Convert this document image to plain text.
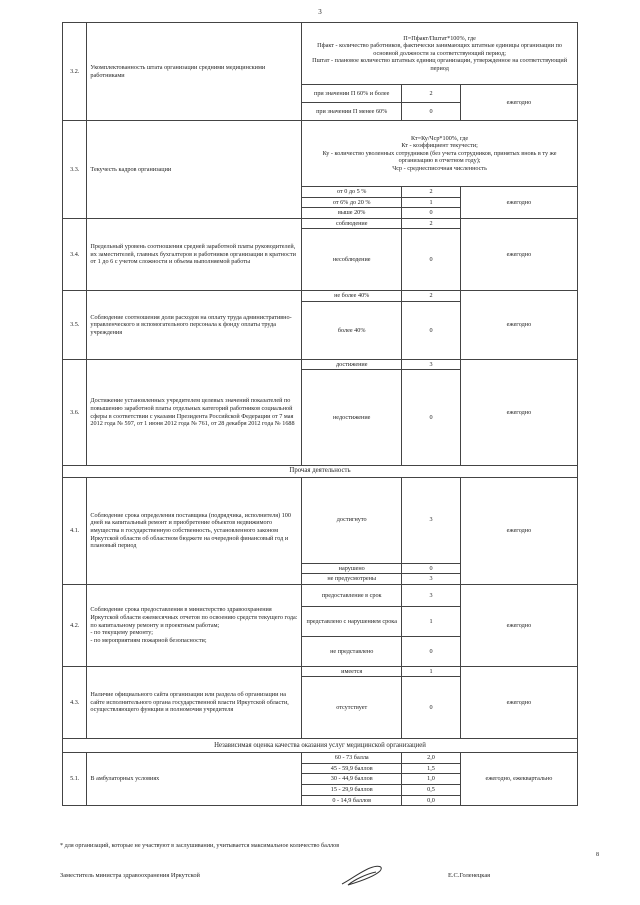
3
3.2.	Укомплектованность штата организации средними медицинскими работниками	П=Пфакт/Пштат*100%, где
Пфакт - количество работников, фактически занимающих штатные единицы организации по основной должности за соответствующий период;
Пштат - плановое количество штатных единиц организации, утвержденное на соответствующий период		

		при значении П 60% и более	2	ежегодно
		при значении П менее 60%	0	
3.3.	Текучесть кадров организации	Кт=Ку/Чср*100%, где
Кт - коэффициент текучести;
Ку - количество уволенных сотрудников (без учета сотрудников, принятых вновь в ту же организацию в отчетном году);
Чср - среднесписочная численность		

		от 0 до 5 %	2	ежегодно
		от 6% до 20 %	1	
		выше 20%	0	
3.4.	Предельный уровень соотношения средней заработной платы руководителей, их заместителей, главных бухгалтеров и работников организации в кратности от 1 до 6 с учетом сложности и объема выполняемой работы	соблюдение	2	ежегодно
		несоблюдение	0	
3.5.	Соблюдение соотношения доли расходов на оплату труда административно-управленческого и вспомогательного персонала к фонду оплаты труда учреждения	не более 40%	2	ежегодно
		более 40%	0	
3.6.	Достижение установленных учредителем целевых значений показателей по повышению заработной платы отдельных категорий работников социальной сферы в соответствии с указами Президента Российской Федерации от 7 мая 2012 года № 597, от 1 июня 2012 года № 761, от 28 декабря 2012 года № 1688	достижение	3	ежегодно
		недостижение	0	
Прочая деятельность				
4.1.	Соблюдение срока определения поставщика (подрядчика, исполнителя) 100 дней на капитальный ремонт и приобретение объектов недвижимого имущества в государственную собственность, установленного законом Иркутской области об областном бюджете на очередной финансовый год и плановый период	достигнуто	3	ежегодно
		нарушено	0	
		не предусмотрены	3	
4.2.	Соблюдение срока предоставления в министерство здравоохранения Иркутской области ежемесячных отчетов по освоению средств текущего года: по капитальному ремонту и проектным работам;
- по текущему ремонту;
- по мероприятиям пожарной безопасности;	предоставление в срок	3	ежегодно
		представлено с нарушением срока	1	
		не представлено	0	
4.3.	Наличие официального сайта организации или раздела об организации на сайте исполнительного органа государственной власти Иркутской области, осуществляющего функции и полномочия учредителя	имеется	1	ежегодно
		отсутствует	0	
Независимая оценка качества оказания услуг медицинской организацией				
5.1.	В амбулаторных условиях	60 - 73 балла	2,0	ежегодно, ежеквартально
		45 - 59,9 баллов	1,5	
		30 - 44,9 баллов	1,0	
		15 - 29,9 баллов	0,5	
		0 - 14,9 баллов	0,0	
* для организаций, которые не участвуют в заслушивании, учитывается максимальное количество баллов
8
Заместитель министра здравоохранения Иркутской	Е.С.Голенецкая
